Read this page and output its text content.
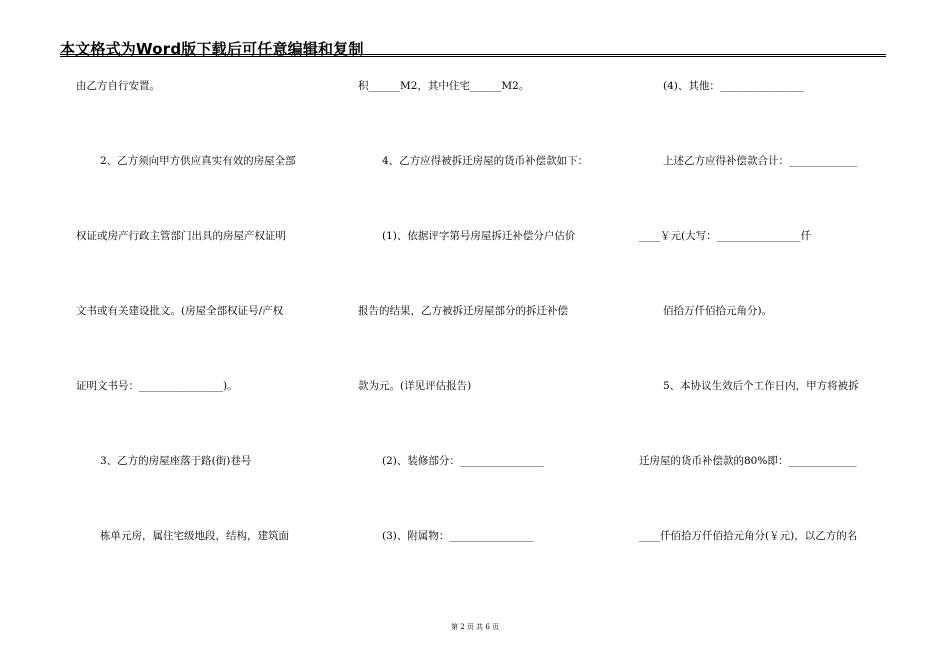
本文格式为Word版下载后可任意编辑和复制
由乙方自行安置。
2、乙方须向甲方供应真实有效的房屋全部
权证或房产行政主管部门出具的房屋产权证明
文书或有关建设批文。(房屋全部权证号/产权
证明文书号：________________)。
3、乙方的房屋座落于路(街)巷号
栋单元房，属住宅级地段，结构，建筑面
积______M2，其中住宅______M2。
4、乙方应得被拆迁房屋的货币补偿款如下：
(1)、依据评字第号房屋拆迁补偿分户估价
报告的结果，乙方被拆迁房屋部分的拆迁补偿
款为元。(详见评估报告)
(2)、装修部分：________________
(3)、附属物：________________
(4)、其他：________________
上述乙方应得补偿款合计：_____________
____￥元(大写：________________仟
佰拾万仟佰拾元角分)。
5、本协议生效后个工作日内，甲方将被拆
迁房屋的货币补偿款的80%即：_____________
____仟佰拾万仟佰拾元角分(￥元)，以乙方的名
第 2 页 共 6 页
